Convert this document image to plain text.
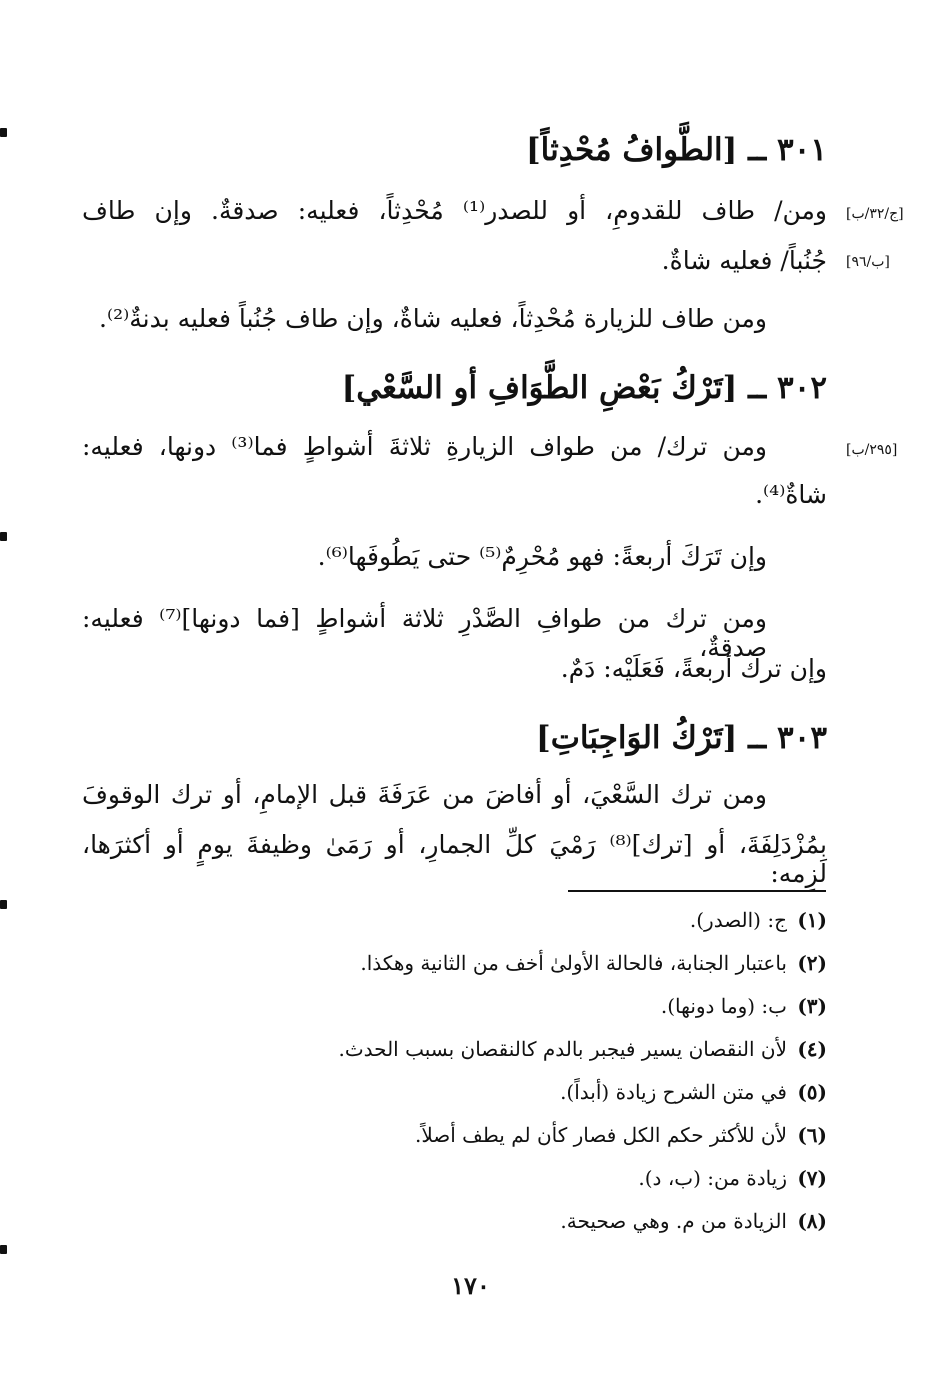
٣٠١ ــ [الطَّوافُ مُحْدِثاً]
ومن/ طاف للقدومِ، أو للصدر⁽¹⁾ مُحْدِثاً، فعليه: صدقةٌ. وإن طاف [ج/٣٢/ب]
جُنُباً/ فعليه شاةٌ. [ب/٩٦]
ومن طاف للزيارة مُحْدِثاً، فعليه شاةٌ، وإن طاف جُنُباً فعليه بدنةٌ⁽²⁾.
٣٠٢ ــ [تَرْكُ بَعْضِ الطَّوَافِ أو السَّعْي]
ومن ترك/ من طواف الزيارةِ ثلاثةَ أشواطٍ فما⁽³⁾ دونها، فعليه:	[٢٩٥/ب]
شاةٌ⁽⁴⁾.
وإن تَرَكَ أربعةً: فهو مُحْرِمٌ⁽⁵⁾ حتى يَطُوفَها⁽⁶⁾.
ومن ترك من طوافِ الصَّدْرِ ثلاثة أشواطٍ [فما دونها]⁽⁷⁾ فعليه: صدقةٌ،
وإن ترك أربعةً، فَعَلَيْه: دَمٌ.
٣٠٣ ــ [تَرْكُ الوَاجِبَاتِ]
ومن ترك السَّعْيَ، أو أفاضَ من عَرَفَةَ قبل الإمامِ، أو ترك الوقوفَ
بمُزْدَلِفَةَ، أو [ترك]⁽⁸⁾ رَمْيَ كلِّ الجمارِ، أو رَمَىٰ وظيفةَ يومٍ أو أكثرَها، لَزِمه:
(١)ج: (الصدر).
(٢)باعتبار الجنابة، فالحالة الأولىٰ أخف من الثانية وهكذا.
(٣)ب: (وما دونها).
(٤)لأن النقصان يسير فيجبر بالدم كالنقصان بسبب الحدث.
(٥)في متن الشرح زيادة (أبداً).
(٦)لأن للأكثر حكم الكل فصار كأن لم يطف أصلاً.
(٧)زيادة من: (ب، د).
(٨)الزيادة من م. وهي صحيحة.
١٧٠
